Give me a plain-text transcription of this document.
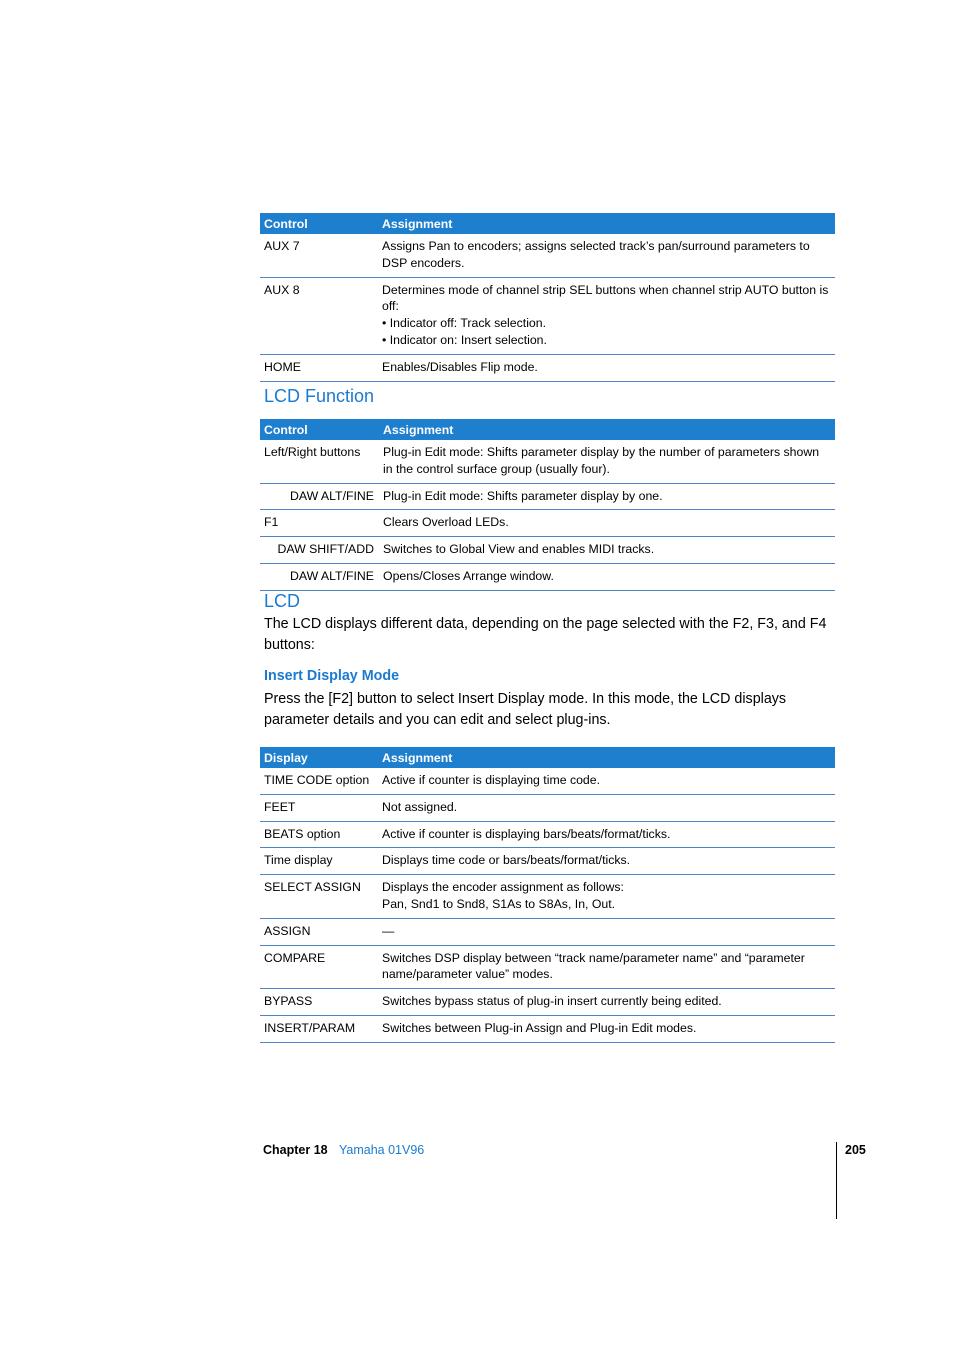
Control	Assignment
AUX 7	Assigns Pan to encoders; assigns selected track’s pan/surround parameters to DSP encoders.
AUX 8	Determines mode of channel strip SEL buttons when channel strip AUTO button is off:
• Indicator off: Track selection.
• Indicator on: Insert selection.

HOME	Enables/Disables Flip mode.
LCD Function
Control	Assignment
Left/Right buttons	Plug-in Edit mode: Shifts parameter display by the number of parameters shown in the control surface group (usually four).
DAW ALT/FINE	Plug-in Edit mode: Shifts parameter display by one.
F1	Clears Overload LEDs.
DAW SHIFT/ADD	Switches to Global View and enables MIDI tracks.
DAW ALT/FINE	Opens/Closes Arrange window.
LCD

The LCD displays different data, depending on the page selected with the F2, F3, and F4 buttons:

Insert Display Mode

Press the [F2] button to select Insert Display mode. In this mode, the LCD displays parameter details and you can edit and select plug-ins.

Display	Assignment
TIME CODE option	Active if counter is displaying time code.
FEET	Not assigned.
BEATS option	Active if counter is displaying bars/beats/format/ticks.
Time display	Displays time code or bars/beats/format/ticks.
SELECT ASSIGN	Displays the encoder assignment as follows:
Pan, Snd1 to Snd8, S1As to S8As, In, Out.

ASSIGN	—
COMPARE	Switches DSP display between “track name/parameter name” and “parameter name/parameter value” modes.
BYPASS	Switches bypass status of plug-in insert currently being edited.
INSERT/PARAM	Switches between Plug-in Assign and Plug-in Edit modes.
Chapter 18 Yamaha 01V96	205
